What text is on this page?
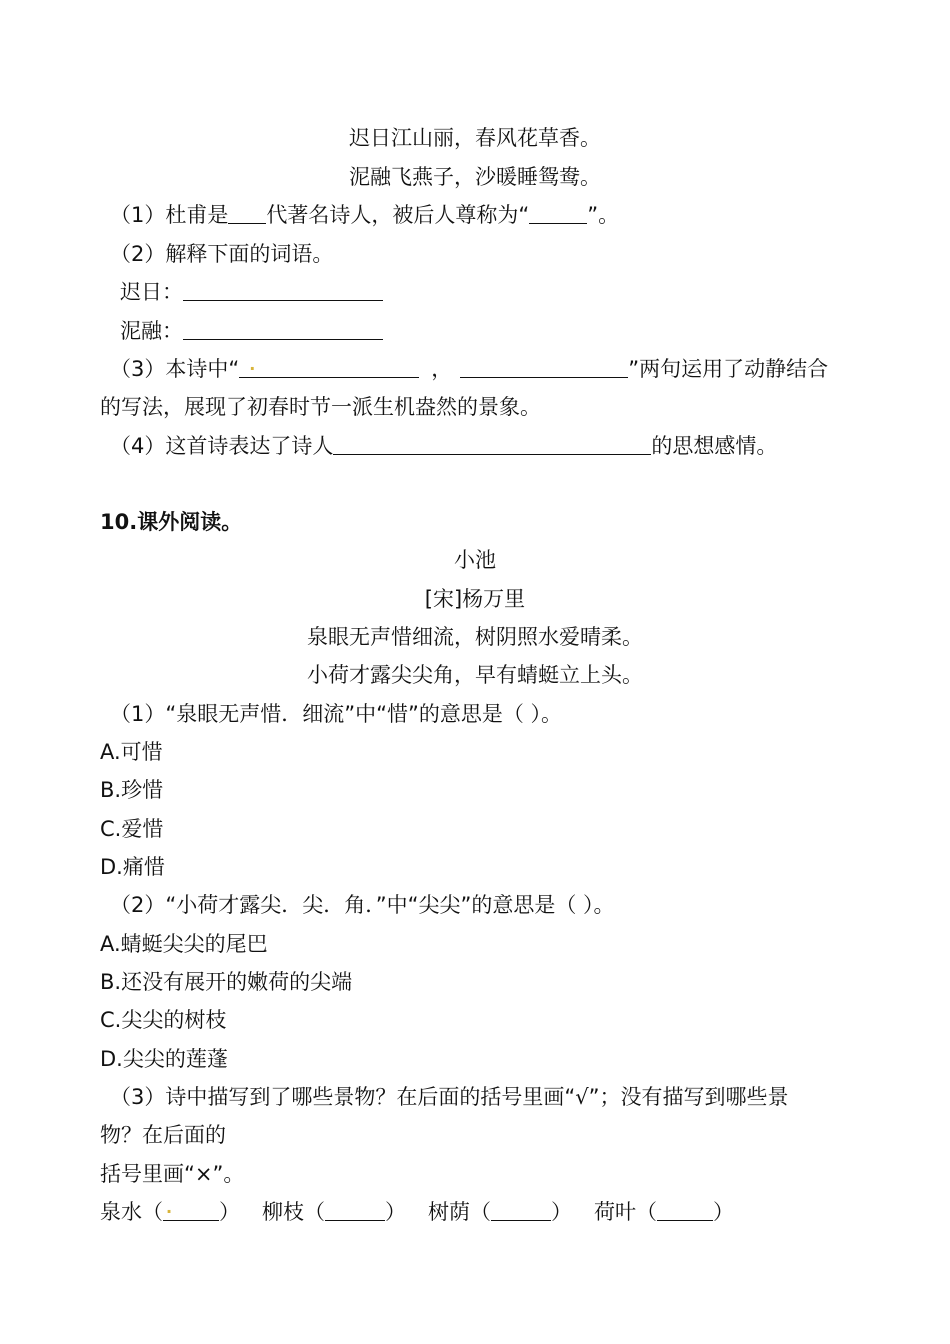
迟日江山丽，春风花草香。
泥融飞燕子，沙暖睡鸳鸯。
（1）杜甫是 代著名诗人，被后人尊称为“	”。
（2）解释下面的词语。
迟日：
泥融：
（3）本诗中“ .	，	”两句运用了动静结合
的写法，展现了初春时节一派生机盎然的景象。
（4）这首诗表达了诗人	的思想感情。
10.课外阅读。
小池
[宋]杨万里
泉眼无声惜细流，树阴照水爱晴柔。
小荷才露尖尖角，早有蜻蜓立上头。
（1）“泉眼无声惜．细流”中“惜”的意思是（ ）。
A.可惜
B.珍惜
C.爱惜
D.痛惜
（2）“小荷才露尖．尖．角．”中“尖尖”的意思是（ ）。
A.蜻蜓尖尖的尾巴
B.还没有展开的嫩荷的尖端
C.尖尖的树枝
D.尖尖的莲蓬
（3）诗中描写到了哪些景物？在后面的括号里画“√”；没有描写到哪些景
物？在后面的
括号里画“×”。
泉水（ . ） 柳枝（	） 树荫（	） 荷叶（	）
